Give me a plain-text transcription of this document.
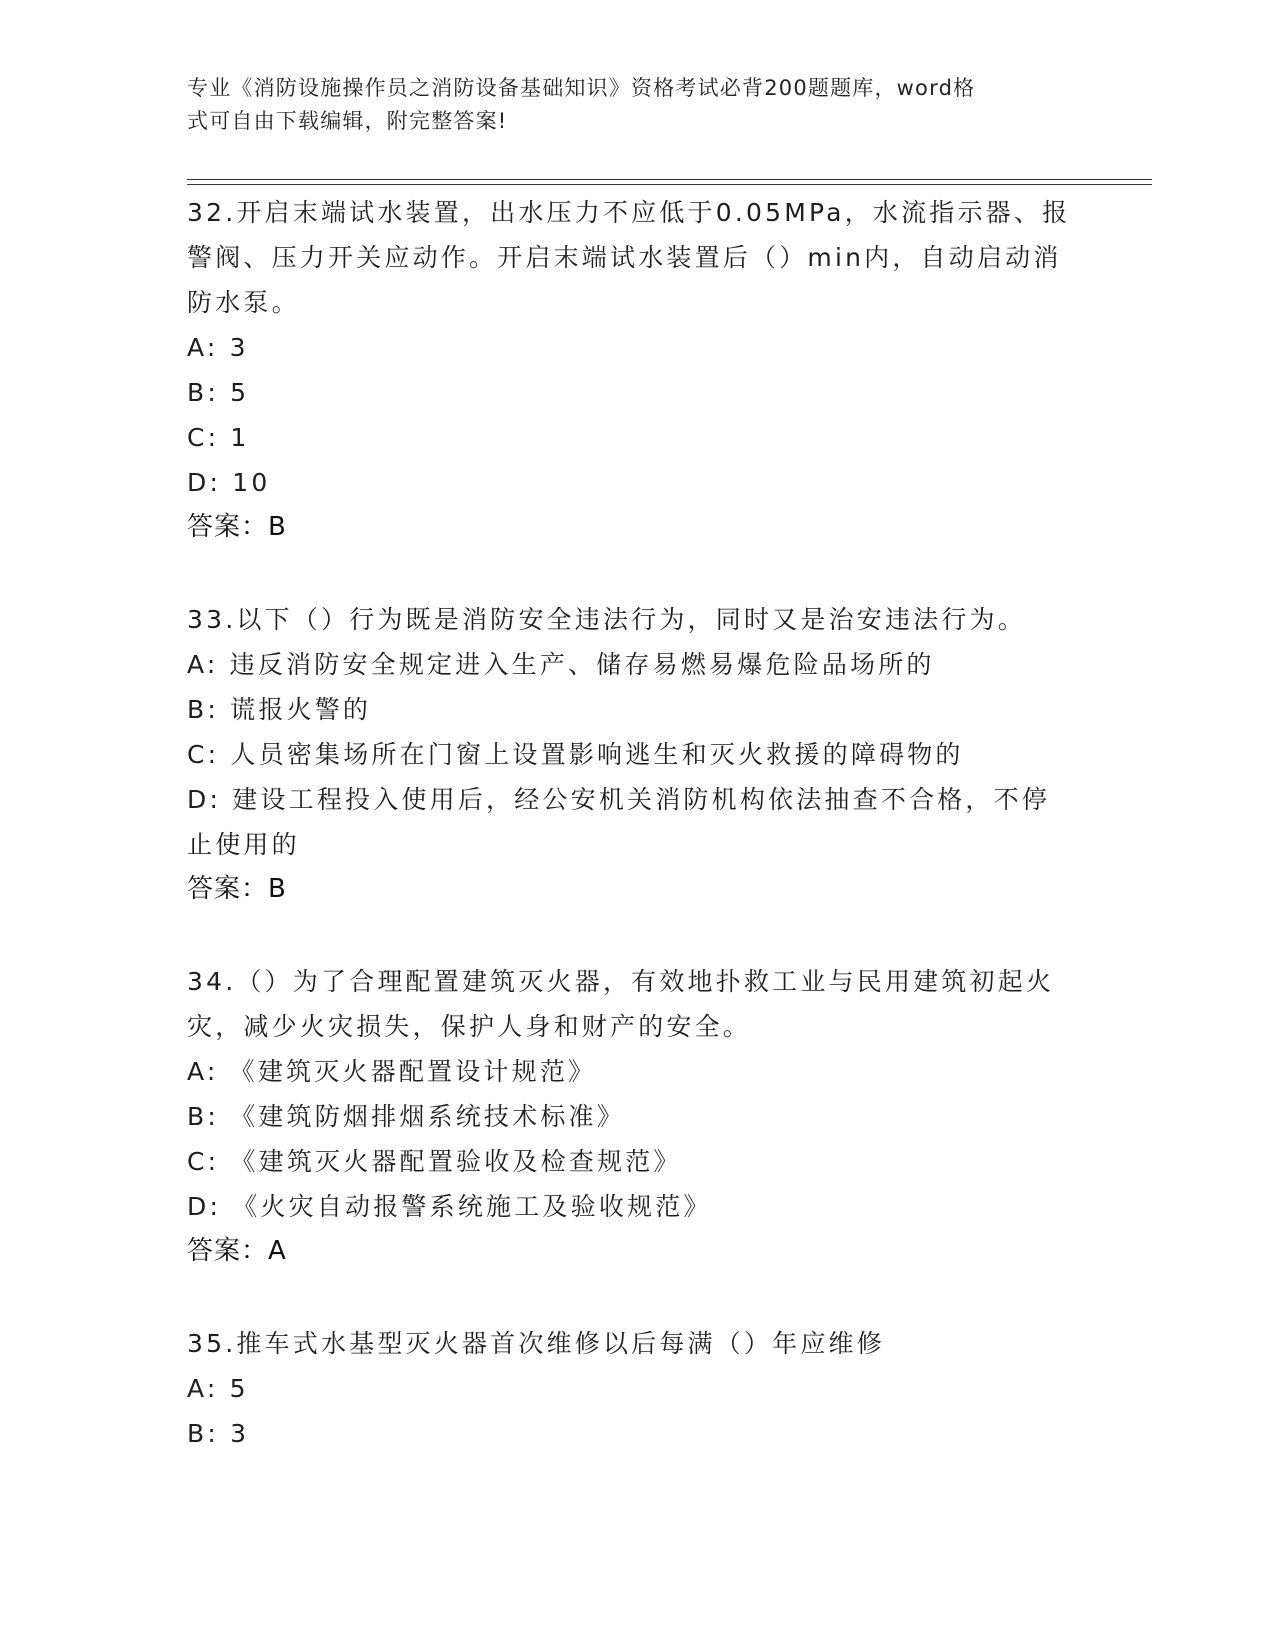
专业《消防设施操作员之消防设备基础知识》资格考试必背200题题库，word格
式可自由下载编辑，附完整答案!
32.开启末端试水装置，出水压力不应低于0.05MPa，水流指示器、报
警阀、压力开关应动作。开启末端试水装置后（）min内，自动启动消
防水泵。
A: 3
B: 5
C: 1
D: 10
答案：B
33.以下（）行为既是消防安全违法行为，同时又是治安违法行为。
A: 违反消防安全规定进入生产、储存易燃易爆危险品场所的
B: 谎报火警的
C: 人员密集场所在门窗上设置影响逃生和灭火救援的障碍物的
D: 建设工程投入使用后，经公安机关消防机构依法抽查不合格，不停
止使用的
答案：B
34.（）为了合理配置建筑灭火器，有效地扑救工业与民用建筑初起火
灾，减少火灾损失，保护人身和财产的安全。
A: 《建筑灭火器配置设计规范》
B: 《建筑防烟排烟系统技术标准》
C: 《建筑灭火器配置验收及检查规范》
D: 《火灾自动报警系统施工及验收规范》
答案：A
35.推车式水基型灭火器首次维修以后每满（）年应维修
A: 5
B: 3
